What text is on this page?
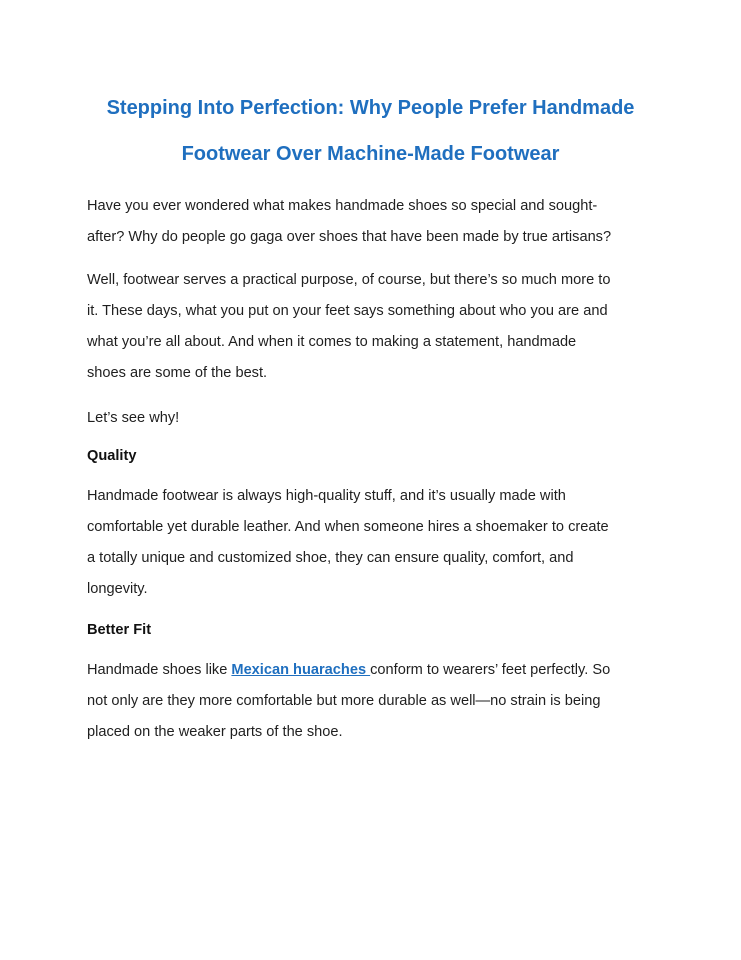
Stepping Into Perfection: Why People Prefer Handmade
Footwear Over Machine-Made Footwear

Have you ever wondered what makes handmade shoes so special and sought-
after? Why do people go gaga over shoes that have been made by true artisans?

Well, footwear serves a practical purpose, of course, but there’s so much more to
it. These days, what you put on your feet says something about who you are and
what you’re all about. And when it comes to making a statement, handmade
shoes are some of the best.

Let’s see why!

Quality

Handmade footwear is always high-quality stuff, and it’s usually made with
comfortable yet durable leather. And when someone hires a shoemaker to create
a totally unique and customized shoe, they can ensure quality, comfort, and
longevity.

Better Fit

Handmade shoes like Mexican huaraches conform to wearers’ feet perfectly. So
not only are they more comfortable but more durable as well—no strain is being
placed on the weaker parts of the shoe.
